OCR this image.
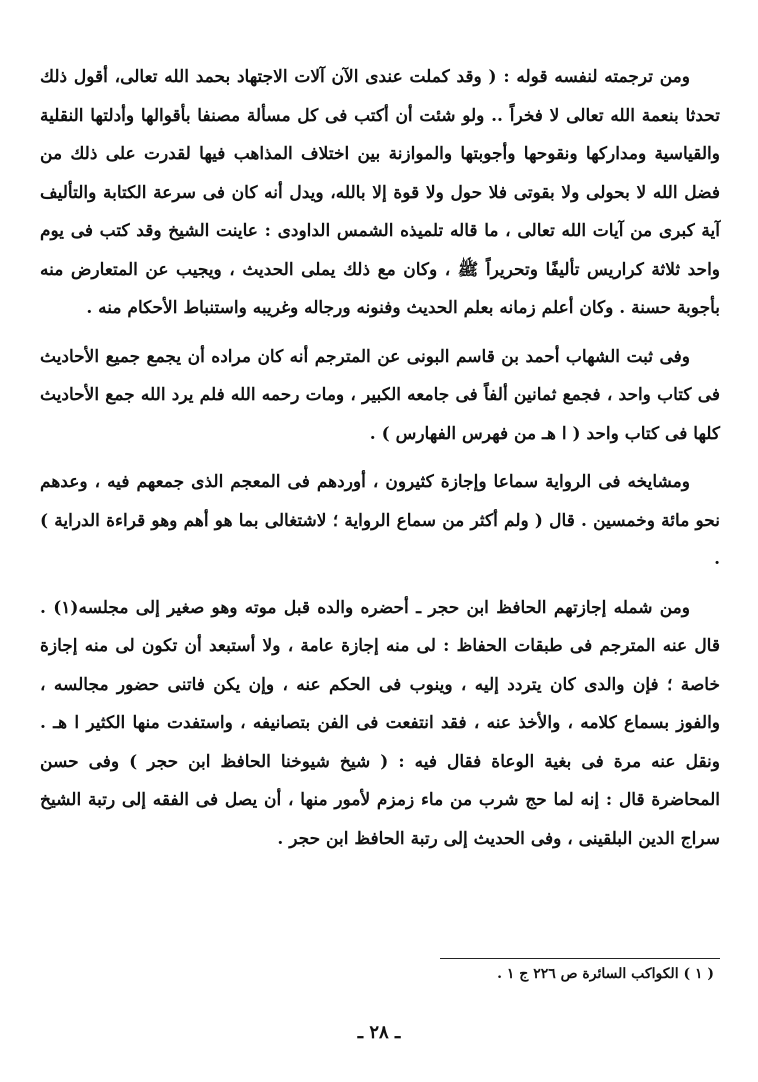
ومن ترجمته لنفسه قوله : ( وقد كملت عندى الآن آلات الاجتهاد بحمد الله تعالى، أقول ذلك تحدثا بنعمة الله تعالى لا فخراً .. ولو شئت أن أكتب فى كل مسألة مصنفا بأقوالها وأدلتها النقلية والقياسية ومداركها ونقوحها وأجوبتها والموازنة بين اختلاف المذاهب فيها لقدرت على ذلك من فضل الله لا بحولى ولا بقوتى فلا حول ولا قوة إلا بالله، ويدل أنه كان فى سرعة الكتابة والتأليف آية كبرى من آيات الله تعالى ، ما قاله تلميذه الشمس الداودى : عاينت الشيخ وقد كتب فى يوم واحد ثلاثة كراريس تأليفًا وتحريراً ﷺ ، وكان مع ذلك يملى الحديث ، ويجيب عن المتعارض منه بأجوبة حسنة . وكان أعلم زمانه بعلم الحديث وفنونه ورجاله وغريبه واستنباط الأحكام منه .

وفى ثبت الشهاب أحمد بن قاسم البونى عن المترجم أنه كان مراده أن يجمع جميع الأحاديث فى كتاب واحد ، فجمع ثمانين ألفاً فى جامعه الكبير ، ومات رحمه الله فلم يرد الله جمع الأحاديث كلها فى كتاب واحد ( ا هـ من فهرس الفهارس ) .

ومشايخه فى الرواية سماعا وإجازة كثيرون ، أوردهم فى المعجم الذى جمعهم فيه ، وعدهم نحو مائة وخمسين . قال ( ولم أكثر من سماع الرواية ؛ لاشتغالى بما هو أهم وهو قراءة الدراية ) .

ومن شمله إجازتهم الحافظ ابن حجر ـ أحضره والده قبل موته وهو صغير إلى مجلسه(١) . قال عنه المترجم فى طبقات الحفاظ : لى منه إجازة عامة ، ولا أستبعد أن تكون لى منه إجازة خاصة ؛ فإن والدى كان يتردد إليه ، وينوب فى الحكم عنه ، وإن يكن فاتنى حضور مجالسه ، والفوز بسماع كلامه ، والأخذ عنه ، فقد انتفعت فى الفن بتصانيفه ، واستفدت منها الكثير ا هـ . ونقل عنه مرة فى بغية الوعاة فقال فيه : ( شيخ شيوخنا الحافظ ابن حجر ) وفى حسن المحاضرة قال : إنه لما حج شرب من ماء زمزم لأمور منها ، أن يصل فى الفقه إلى رتبة الشيخ سراج الدين البلقينى ، وفى الحديث إلى رتبة الحافظ ابن حجر .

( ١ ) الكواكب السائرة ص ٢٢٦ ج ١ .
ـ ٢٨ ـ
